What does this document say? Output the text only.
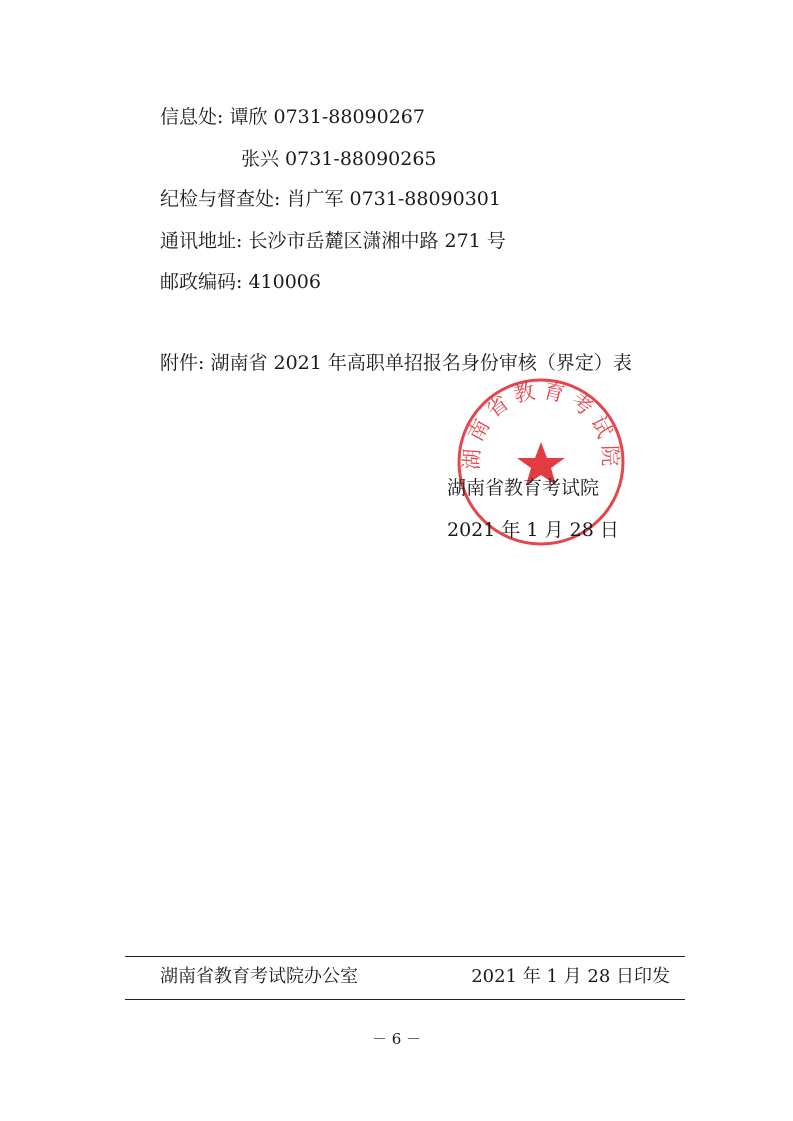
信息处: 谭欣 0731-88090267
张兴 0731-88090265
纪检与督查处: 肖广军 0731-88090301
通讯地址: 长沙市岳麓区潇湘中路 271 号
邮政编码: 410006
附件: 湖南省 2021 年高职单招报名身份审核（界定）表
湖南省教育考试院
湖南省教育考试院
2021 年 1 月 28 日
湖南省教育考试院办公室	2021 年 1 月 28 日印发
－ 6 －
